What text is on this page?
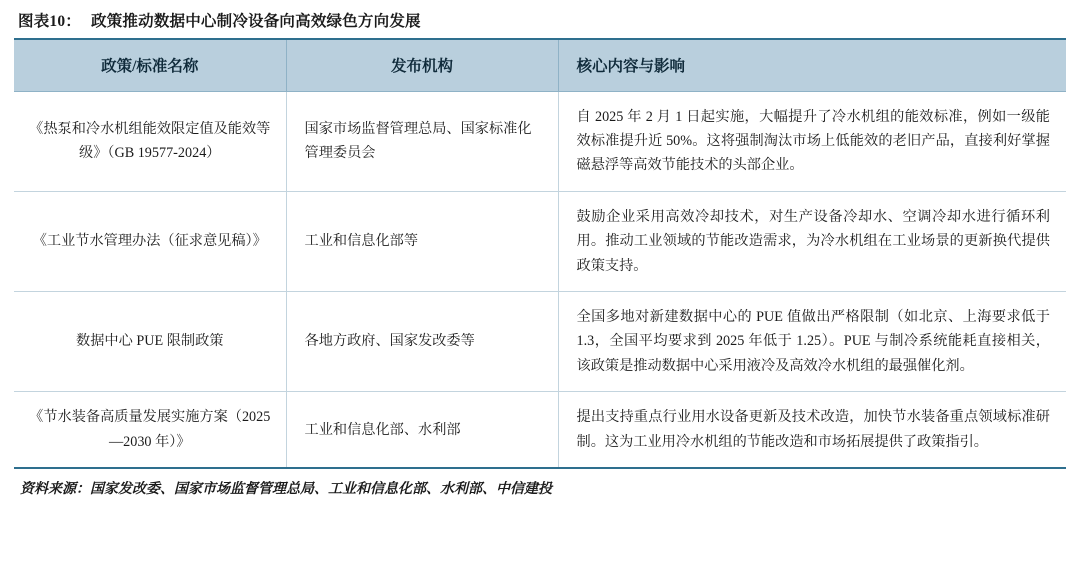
图表10： 政策推动数据中心制冷设备向高效绿色方向发展
政策/标准名称	发布机构	核心内容与影响
《热泵和冷水机组能效限定值及能效等级》（GB 19577-2024）	国家市场监督管理总局、国家标准化管理委员会	自 2025 年 2 月 1 日起实施，大幅提升了冷水机组的能效标准，例如一级能效标准提升近 50%。这将强制淘汰市场上低能效的老旧产品，直接利好掌握磁悬浮等高效节能技术的头部企业。
《工业节水管理办法（征求意见稿）》	工业和信息化部等	鼓励企业采用高效冷却技术，对生产设备冷却水、空调冷却水进行循环利用。推动工业领域的节能改造需求，为冷水机组在工业场景的更新换代提供政策支持。
数据中心 PUE 限制政策	各地方政府、国家发改委等	全国多地对新建数据中心的 PUE 值做出严格限制（如北京、上海要求低于 1.3，全国平均要求到 2025 年低于 1.25）。PUE 与制冷系统能耗直接相关，该政策是推动数据中心采用液冷及高效冷水机组的最强催化剂。
《节水装备高质量发展实施方案（2025—2030 年）》	工业和信息化部、水利部	提出支持重点行业用水设备更新及技术改造，加快节水装备重点领域标准研制。这为工业用冷水机组的节能改造和市场拓展提供了政策指引。
资料来源：国家发改委、国家市场监督管理总局、工业和信息化部、水利部、中信建投
